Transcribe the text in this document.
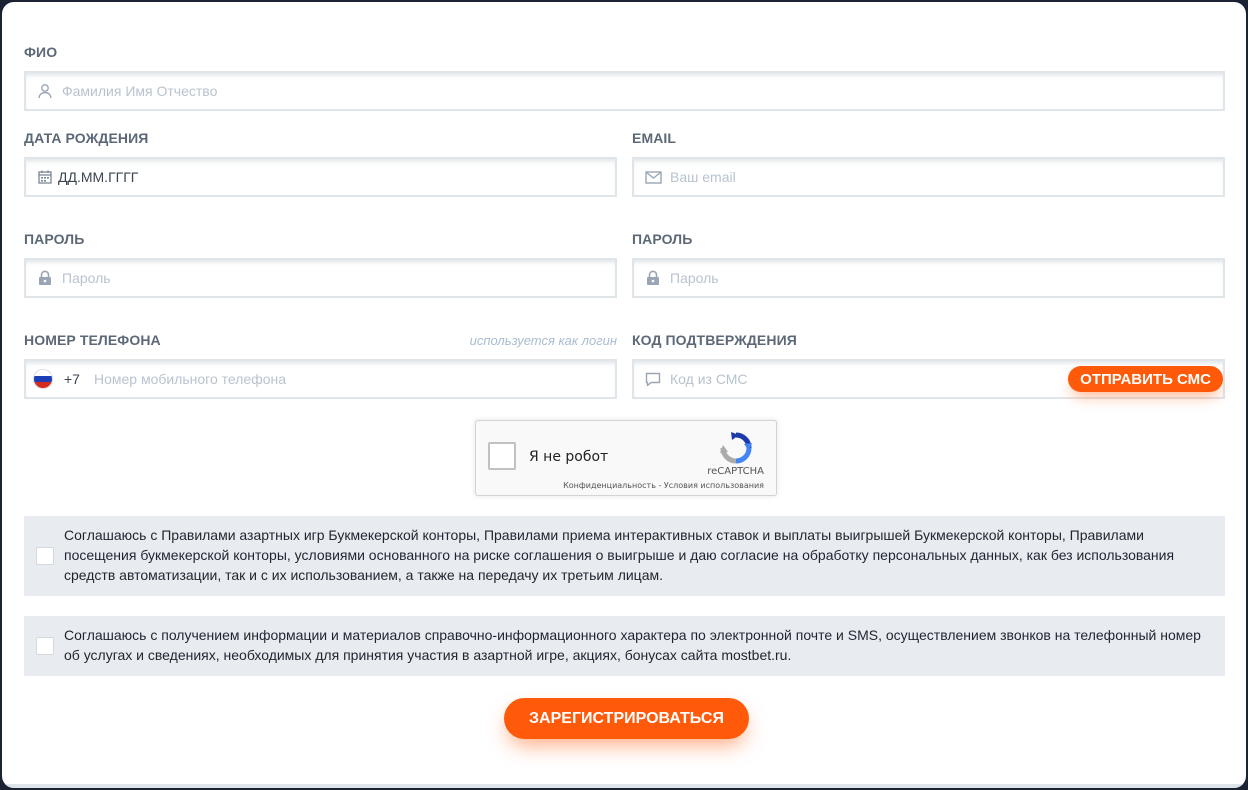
ФИО
Фамилия Имя Отчество
ДАТА РОЖДЕНИЯ
ДД.ММ.ГГГГ
EMAIL
Ваш email
ПАРОЛЬ
Пароль
ПАРОЛЬ
Пароль
НОМЕР ТЕЛЕФОНА	используется как логин
+7 Номер мобильного телефона
КОД ПОДТВЕРЖДЕНИЯ
Код из СМС	ОТПРАВИТЬ СМС
Я не робот
reCAPTCHA
Конфиденциальность - Условия использования
Соглашаюсь с Правилами азартных игр Букмекерской конторы, Правилами приема интерактивных ставок и выплаты выигрышей Букмекерской конторы, Правилами посещения букмекерской конторы, условиями основанного на риске соглашения о выигрыше и даю согласие на обработку персональных данных, как без использования средств автоматизации, так и с их использованием, а также на передачу их третьим лицам.
Соглашаюсь с получением информации и материалов справочно-информационного характера по электронной почте и SMS, осуществлением звонков на телефонный номер об услугах и сведениях, необходимых для принятия участия в азартной игре, акциях, бонусах сайта mostbet.ru.
ЗАРЕГИСТРИРОВАТЬСЯ
